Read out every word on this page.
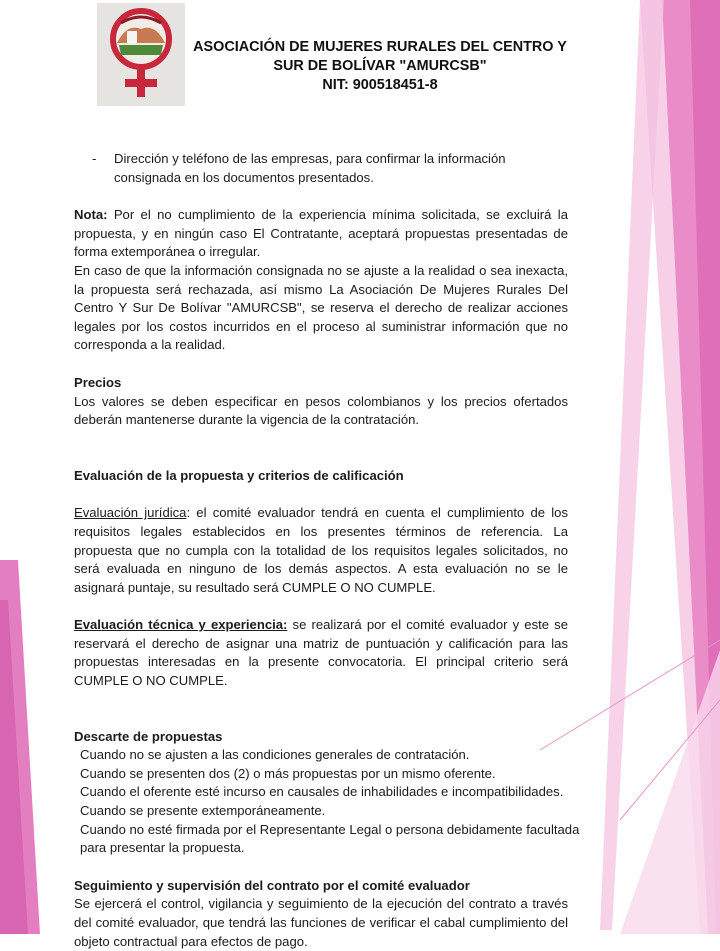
ASOCIACIÓN DE MUJERES RURALES DEL CENTRO Y
SUR DE BOLÍVAR "AMURCSB"
NIT: 900518451-8
-	Dirección y teléfono de las empresas, para confirmar la información consignada en los documentos presentados.

Nota: Por el no cumplimiento de la experiencia mínima solicitada, se excluirá la propuesta, y en ningún caso El Contratante, aceptará propuestas presentadas de forma extemporánea o irregular.

En caso de que la información consignada no se ajuste a la realidad o sea inexacta, la propuesta será rechazada, así mismo La Asociación De Mujeres Rurales Del Centro Y Sur De Bolívar "AMURCSB", se reserva el derecho de realizar acciones legales por los costos incurridos en el proceso al suministrar información que no corresponda a la realidad.

Precios

Los valores se deben especificar en pesos colombianos y los precios ofertados deberán mantenerse durante la vigencia de la contratación.

Evaluación de la propuesta y criterios de calificación

Evaluación jurídica: el comité evaluador tendrá en cuenta el cumplimiento de los requisitos legales establecidos en los presentes términos de referencia. La propuesta que no cumpla con la totalidad de los requisitos legales solicitados, no será evaluada en ninguno de los demás aspectos. A esta evaluación no se le asignará puntaje, su resultado será CUMPLE O NO CUMPLE.

Evaluación técnica y experiencia: se realizará por el comité evaluador y este se reservará el derecho de asignar una matriz de puntuación y calificación para las propuestas interesadas en la presente convocatoria. El principal criterio será CUMPLE O NO CUMPLE.

Descarte de propuestas

Cuando no se ajusten a las condiciones generales de contratación.
Cuando se presenten dos (2) o más propuestas por un mismo oferente.
Cuando el oferente esté incurso en causales de inhabilidades e incompatibilidades.
Cuando se presente extemporáneamente.
Cuando no esté firmada por el Representante Legal o persona debidamente facultada
para presentar la propuesta.

Seguimiento y supervisión del contrato por el comité evaluador

Se ejercerá el control, vigilancia y seguimiento de la ejecución del contrato a través del comité evaluador, que tendrá las funciones de verificar el cabal cumplimiento del objeto contractual para efectos de pago.
